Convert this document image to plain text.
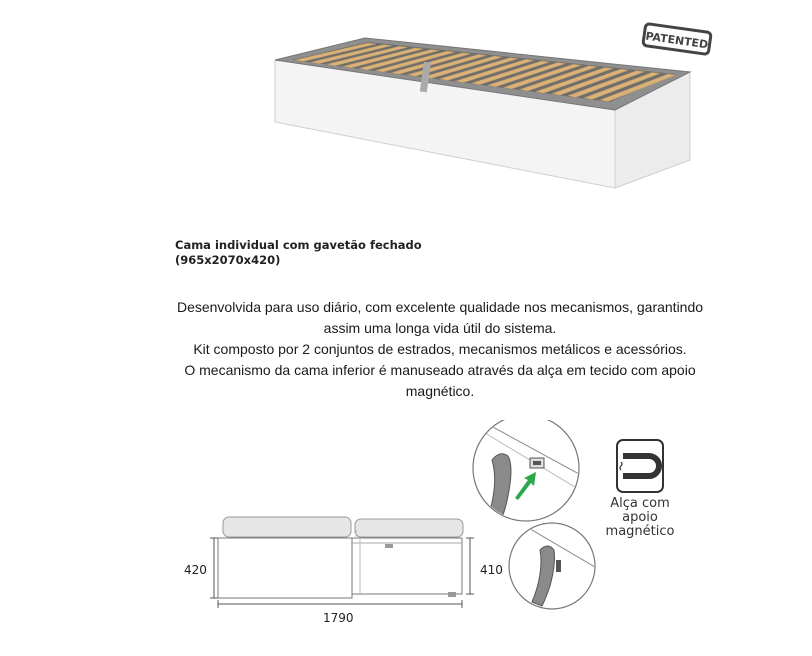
PATENTED
Cama individual com gavetão fechado
(965x2070x420)
Desenvolvida para uso diário, com excelente qualidade nos mecanismos, garantindo
assim uma longa vida útil do sistema.
Kit composto por 2 conjuntos de estrados, mecanismos metálicos e acessórios.
O mecanismo da cama inferior é manuseado através da alça em tecido com apoio
magnético.
420	410
1790
Alça com
apoio
magnético
